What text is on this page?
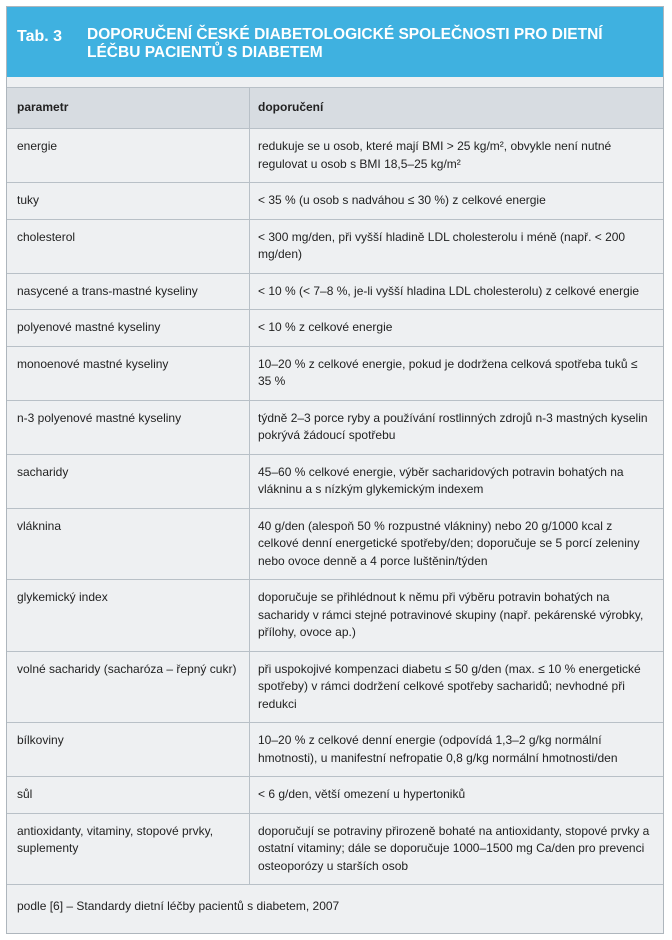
Tab. 3 DOPORUČENÍ ČESKÉ DIABETOLOGICKÉ SPOLEČNOSTI PRO DIETNÍ LÉČBU PACIENTŮ S DIABETEM
parametr	doporučení
energie	redukuje se u osob, které mají BMI > 25 kg/m², obvykle není nutné regulovat u osob s BMI 18,5–25 kg/m²
tuky	< 35 % (u osob s nadváhou ≤ 30 %) z celkové energie
cholesterol	< 300 mg/den, při vyšší hladině LDL cholesterolu i méně (např. < 200 mg/den)
nasycené a trans-mastné kyseliny	< 10 % (< 7–8 %, je-li vyšší hladina LDL cholesterolu) z celkové energie
polyenové mastné kyseliny	< 10 % z celkové energie
monoenové mastné kyseliny	10–20 % z celkové energie, pokud je dodržena celková spotřeba tuků ≤ 35 %
n-3 polyenové mastné kyseliny	týdně 2–3 porce ryby a používání rostlinných zdrojů n-3 mastných kyselin pokrývá žádoucí spotřebu
sacharidy	45–60 % celkové energie, výběr sacharidových potravin bohatých na vlákninu a s nízkým glykemickým indexem
vláknina	40 g/den (alespoň 50 % rozpustné vlákniny) nebo 20 g/1000 kcal z celkové denní energetické spotřeby/den; doporučuje se 5 porcí zeleniny nebo ovoce denně a 4 porce luštěnin/týden
glykemický index	doporučuje se přihlédnout k němu při výběru potravin bohatých na sacharidy v rámci stejné potravinové skupiny (např. pekárenské výrobky, přílohy, ovoce ap.)
volné sacharidy (sacharóza – řepný cukr)	při uspokojivé kompenzaci diabetu ≤ 50 g/den (max. ≤ 10 % energetické spotřeby) v rámci dodržení celkové spotřeby sacharidů; nevhodné při redukci
bílkoviny	10–20 % z celkové denní energie (odpovídá 1,3–2 g/kg normální hmotnosti), u manifestní nefropatie 0,8 g/kg normální hmotnosti/den
sůl	< 6 g/den, větší omezení u hypertoniků
antioxidanty, vitaminy, stopové prvky, suplementy	doporučují se potraviny přirozeně bohaté na antioxidanty, stopové prvky a ostatní vitaminy; dále se doporučuje 1000–1500 mg Ca/den pro prevenci osteoporózy u starších osob
podle [6] – Standardy dietní léčby pacientů s diabetem, 2007
